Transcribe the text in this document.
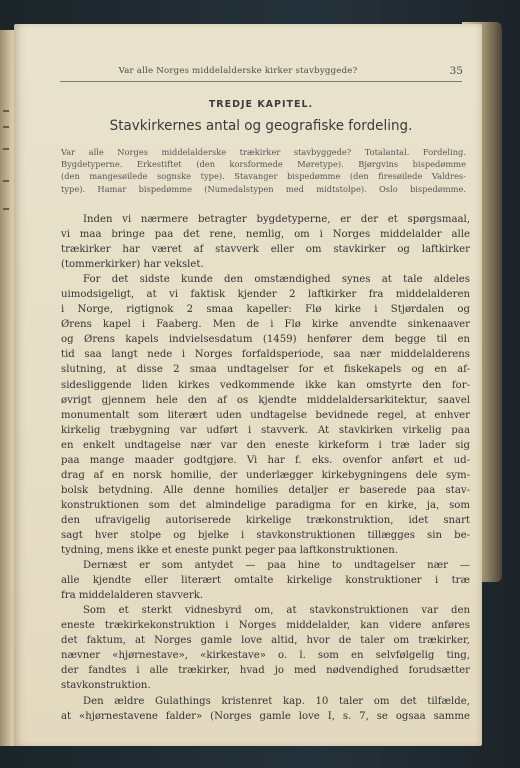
Var alle Norges middelalderske kirker stavbyggede?	35
TREDJE KAPITEL.
Stavkirkernes antal og geografiske fordeling.
Var alle Norges middelalderske trækirker stavbyggede? Totalantal. Fordeling.
Bygdetyperne. Erkestiftet (den korsformede Møretype). Bjørgvins bispedømme
(den mangesøilede sognske type). Stavanger bispedømme (den firesøilede Valdres-
type). Hamar bispedømme (Numedalstypen med midtstolpe). Oslo bispedømme.
Inden vi nærmere betragter bygdetyperne, er der et spørgsmaal,
vi maa bringe paa det rene, nemlig, om i Norges middelalder alle
trækirker har været af stavverk eller om stavkirker og laftkirker
(tommerkirker) har vekslet.
For det sidste kunde den omstændighed synes at tale aldeles
uimodsigeligt, at vi faktisk kjender 2 laftkirker fra middelalderen
i Norge, rigtignok 2 smaa kapeller: Flø kirke i Stjørdalen og
Ørens kapel i Faaberg. Men de i Flø kirke anvendte sinkenaaver
og Ørens kapels indvielsesdatum (1459) henfører dem begge til en
tid saa langt nede i Norges forfaldsperiode, saa nær middelalderens
slutning, at disse 2 smaa undtagelser for et fiskekapels og en af-
sidesliggende liden kirkes vedkommende ikke kan omstyrte den for-
øvrigt gjennem hele den af os kjendte middelaldersarkitektur, saavel
monumentalt som literært uden undtagelse bevidnede regel, at enhver
kirkelig træbygning var udført i stavverk. At stavkirken virkelig paa
en enkelt undtagelse nær var den eneste kirkeform i træ lader sig
paa mange maader godtgjøre. Vi har f. eks. ovenfor anført et ud-
drag af en norsk homilie, der underlægger kirkebygningens dele sym-
bolsk betydning. Alle denne homilies detaljer er baserede paa stav-
konstruktionen som det almindelige paradigma for en kirke, ja, som
den ufravigelig autoriserede kirkelige trækonstruktion, idet snart
sagt hver stolpe og bjelke i stavkonstruktionen tillægges sin be-
tydning, mens ikke et eneste punkt peger paa laftkonstruktionen.
Dernæst er som antydet — paa hine to undtagelser nær —
alle kjendte eller literært omtalte kirkelige konstruktioner i træ
fra middelalderen stavverk.
Som et sterkt vidnesbyrd om, at stavkonstruktionen var den
eneste trækirkekonstruktion i Norges middelalder, kan videre anføres
det faktum, at Norges gamle love altid, hvor de taler om trækirker,
nævner «hjørnestave», «kirkestave» o. l. som en selvfølgelig ting,
der fandtes i alle trækirker, hvad jo med nødvendighed forudsætter
stavkonstruktion.
Den ældre Gulathings kristenret kap. 10 taler om det tilfælde,
at «hjørnestavene falder» (Norges gamle love I, s. 7, se ogsaa samme
